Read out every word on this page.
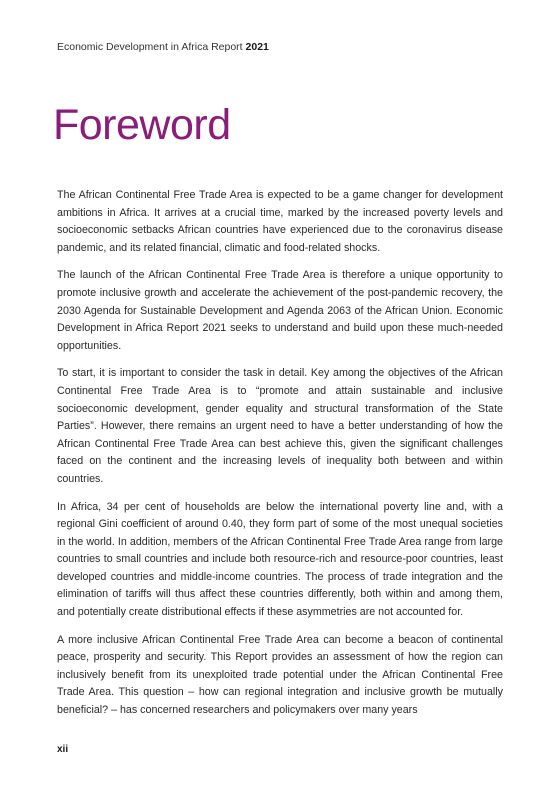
Economic Development in Africa Report 2021
Foreword

The African Continental Free Trade Area is expected to be a game changer for development ambitions in Africa. It arrives at a crucial time, marked by the increased poverty levels and socioeconomic setbacks African countries have experienced due to the coronavirus disease pandemic, and its related financial, climatic and food-related shocks.

The launch of the African Continental Free Trade Area is therefore a unique opportunity to promote inclusive growth and accelerate the achievement of the post-pandemic recovery, the 2030 Agenda for Sustainable Development and Agenda 2063 of the African Union. Economic Development in Africa Report 2021 seeks to understand and build upon these much-needed opportunities.

To start, it is important to consider the task in detail. Key among the objectives of the African Continental Free Trade Area is to “promote and attain sustainable and inclusive socioeconomic development, gender equality and structural transformation of the State Parties”. However, there remains an urgent need to have a better understanding of how the African Continental Free Trade Area can best achieve this, given the significant challenges faced on the continent and the increasing levels of inequality both between and within countries.

In Africa, 34 per cent of households are below the international poverty line and, with a regional Gini coefficient of around 0.40, they form part of some of the most unequal societies in the world. In addition, members of the African Continental Free Trade Area range from large countries to small countries and include both resource-rich and resource-poor countries, least developed countries and middle-income countries. The process of trade integration and the elimination of tariffs will thus affect these countries differently, both within and among them, and potentially create distributional effects if these asymmetries are not accounted for.

A more inclusive African Continental Free Trade Area can become a beacon of continental peace, prosperity and security. This Report provides an assessment of how the region can inclusively benefit from its unexploited trade potential under the African Continental Free Trade Area. This question – how can regional integration and inclusive growth be mutually beneficial? – has concerned researchers and policymakers over many years

xii
